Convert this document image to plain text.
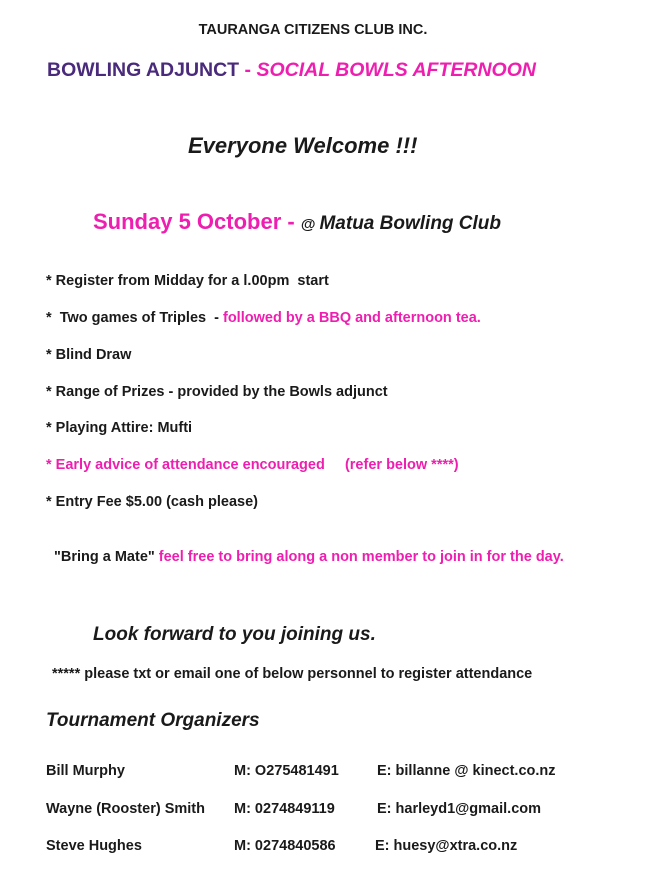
TAURANGA CITIZENS CLUB INC.
BOWLING ADJUNCT - SOCIAL BOWLS AFTERNOON
Everyone Welcome !!!
Sunday 5 October - @ Matua Bowling Club
* Register from Midday for a l.00pm  start
*  Two games of Triples  - followed by a BBQ and afternoon tea.
* Blind Draw
* Range of Prizes - provided by the Bowls adjunct
* Playing Attire: Mufti
* Early advice of attendance encouraged     (refer below ****)
* Entry Fee $5.00 (cash please)
"Bring a Mate" feel free to bring along a non member to join in for the day.
Look forward to you joining us.
***** please txt or email one of below personnel to register attendance
Tournament Organizers
Bill Murphy	M: O275481491	E: billanne @ kinect.co.nz
Wayne (Rooster) Smith M: 0274849119	E: harleyd1@gmail.com
Steve Hughes	M: 0274840586	E: huesy@xtra.co.nz
